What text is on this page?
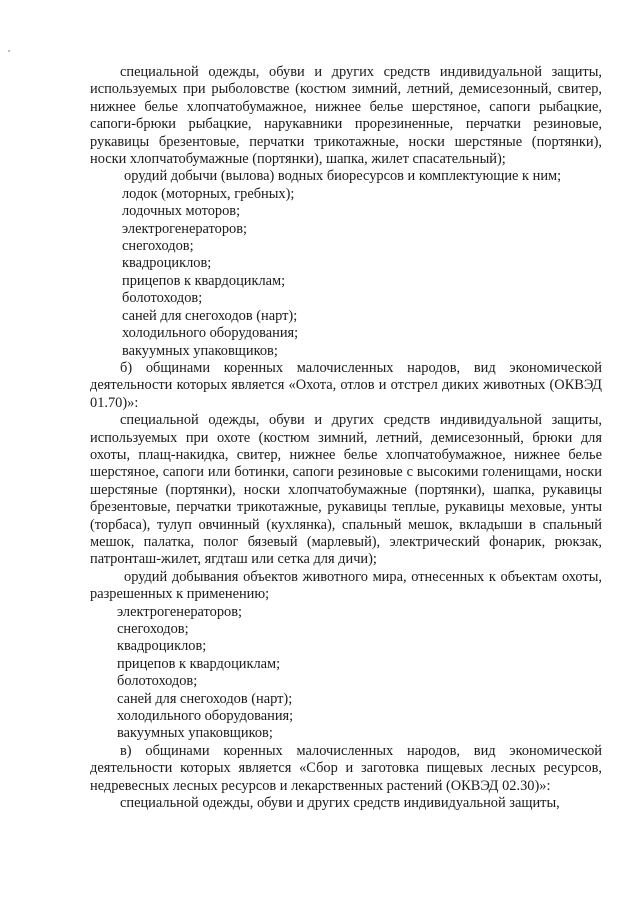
специальной одежды, обуви и других средств индивидуальной защиты, используемых при рыболовстве (костюм зимний, летний, демисезонный, свитер, нижнее белье хлопчатобумажное, нижнее белье шерстяное, сапоги рыбацкие, сапоги-брюки рыбацкие, нарукавники прорезиненные, перчатки резиновые, рукавицы брезентовые, перчатки трикотажные, носки шерстяные (портянки), носки хлопчатобумажные (портянки), шапка, жилет спасательный);

орудий добычи (вылова) водных биоресурсов и комплектующие к ним;

лодок (моторных, гребных);

лодочных моторов;

электрогенераторов;

снегоходов;

квадроциклов;

прицепов к квардоциклам;

болотоходов;

саней для снегоходов (нарт);

холодильного оборудования;

вакуумных упаковщиков;

б) общинами коренных малочисленных народов, вид экономической деятельности которых является «Охота, отлов и отстрел диких животных (ОКВЭД 01.70)»:

специальной одежды, обуви и других средств индивидуальной защиты, используемых при охоте (костюм зимний, летний, демисезонный, брюки для охоты, плащ-накидка, свитер, нижнее белье хлопчатобумажное, нижнее белье шерстяное, сапоги или ботинки, сапоги резиновые с высокими голенищами, носки шерстяные (портянки), носки хлопчатобумажные (портянки), шапка, рукавицы брезентовые, перчатки трикотажные, рукавицы теплые, рукавицы меховые, унты (торбаса), тулуп овчинный (кухлянка), спальный мешок, вкладыши в спальный мешок, палатка, полог бязевый (марлевый), электрический фонарик, рюкзак, патронташ-жилет, ягдташ или сетка для дичи);

орудий добывания объектов животного мира, отнесенных к объектам охоты, разрешенных к применению;

электрогенераторов;

снегоходов;

квадроциклов;

прицепов к квардоциклам;

болотоходов;

саней для снегоходов (нарт);

холодильного оборудования;

вакуумных упаковщиков;

в) общинами коренных малочисленных народов, вид экономической деятельности которых является «Сбор и заготовка пищевых лесных ресурсов, недревесных лесных ресурсов и лекарственных растений (ОКВЭД 02.30)»:

специальной одежды, обуви и других средств индивидуальной защиты,
